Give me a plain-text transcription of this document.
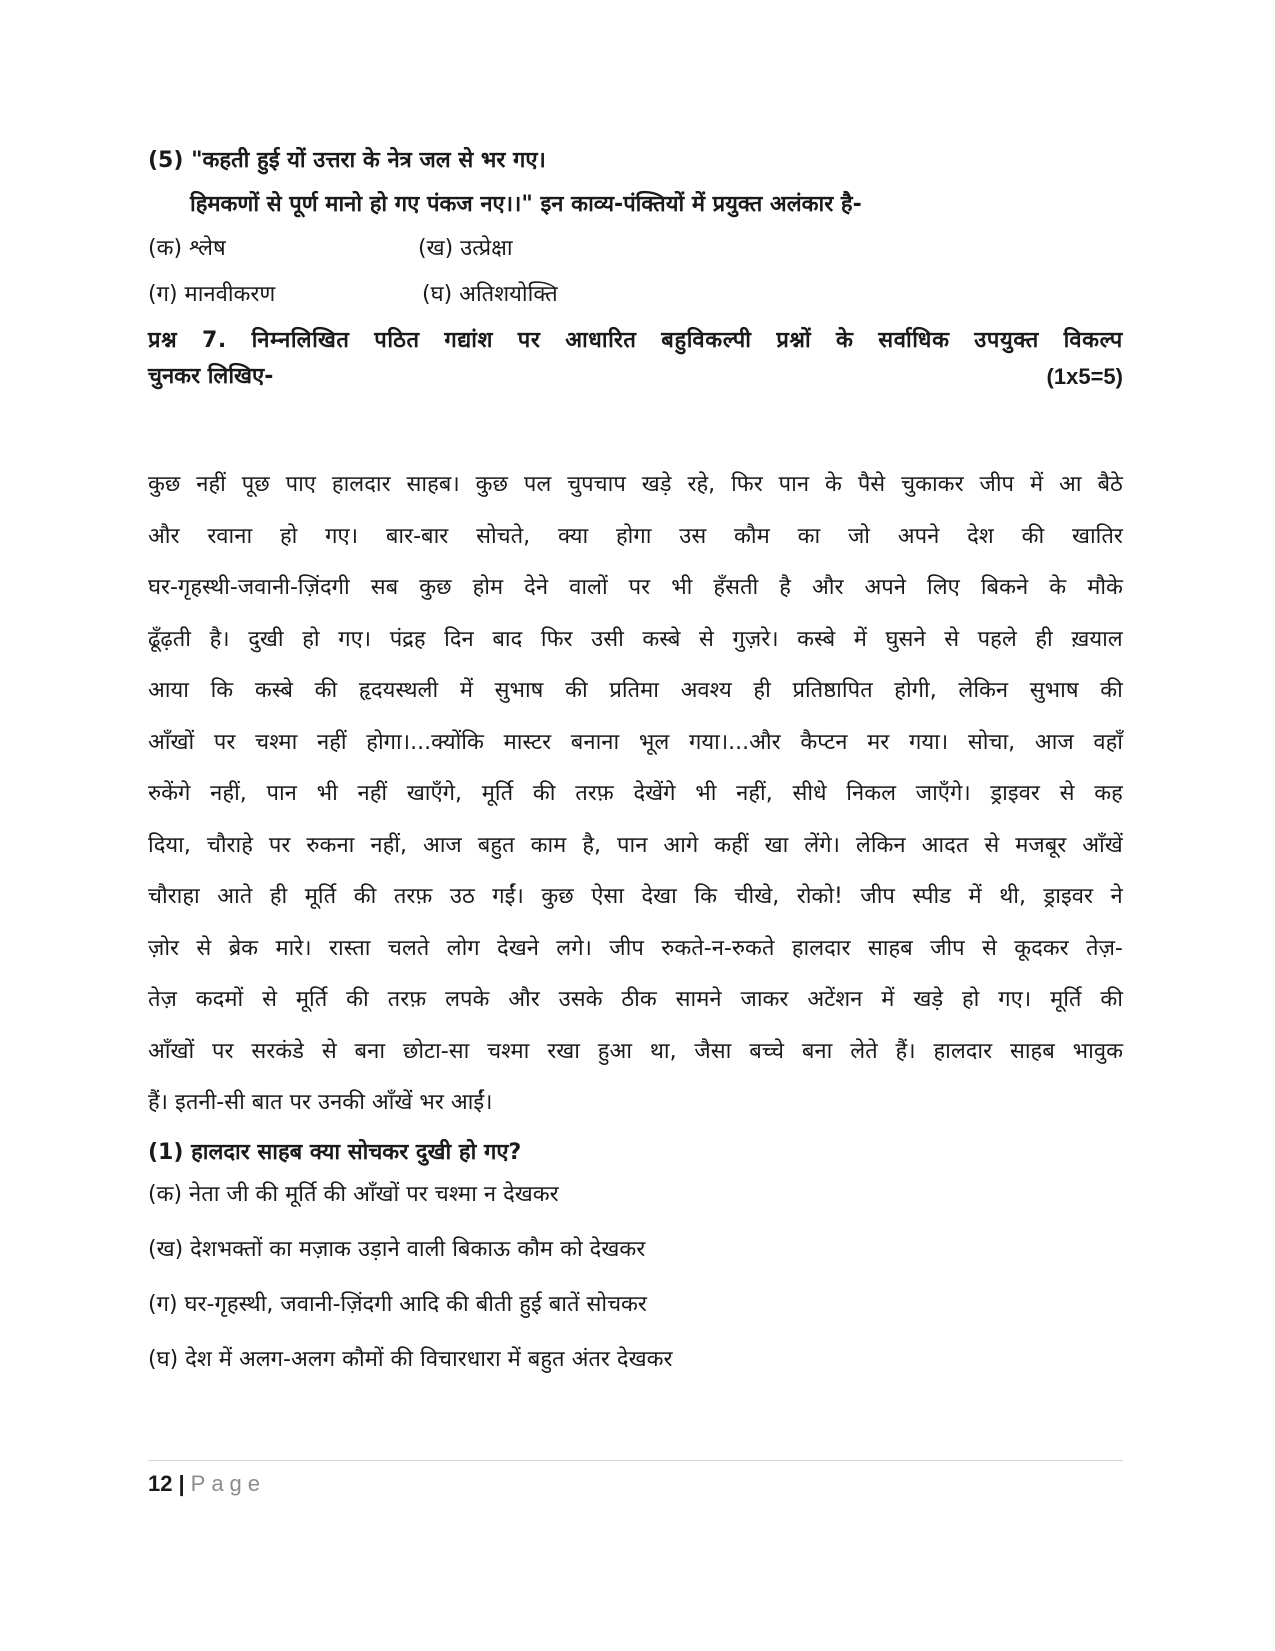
(5) "कहती हुई यों उत्तरा के नेत्र जल से भर गए।
हिमकणों से पूर्ण मानो हो गए पंकज नए।।" इन काव्य-पंक्तियों में प्रयुक्त अलंकार है-
(क) श्लेष	(ख) उत्प्रेक्षा
(ग) मानवीकरण	(घ) अतिशयोक्ति
प्रश्न 7. निम्नलिखित पठित गद्यांश पर आधारित बहुविकल्पी प्रश्नों के सर्वाधिक उपयुक्त विकल्प
चुनकर लिखिए-	(1x5=5)
कुछ नहीं पूछ पाए हालदार साहब। कुछ पल चुपचाप खड़े रहे, फिर पान के पैसे चुकाकर जीप में आ बैठे
और रवाना हो गए। बार-बार सोचते, क्या होगा उस कौम का जो अपने देश की खातिर
घर-गृहस्थी-जवानी-ज़िंदगी सब कुछ होम देने वालों पर भी हँसती है और अपने लिए बिकने के मौके
ढूँढ़ती है। दुखी हो गए। पंद्रह दिन बाद फिर उसी कस्बे से गुज़रे। कस्बे में घुसने से पहले ही ख़याल
आया कि कस्बे की हृदयस्थली में सुभाष की प्रतिमा अवश्य ही प्रतिष्ठापित होगी, लेकिन सुभाष की
आँखों पर चश्मा नहीं होगा।...क्योंकि मास्टर बनाना भूल गया।...और कैप्टन मर गया। सोचा, आज वहाँ
रुकेंगे नहीं, पान भी नहीं खाएँगे, मूर्ति की तरफ़ देखेंगे भी नहीं, सीधे निकल जाएँगे। ड्राइवर से कह
दिया, चौराहे पर रुकना नहीं, आज बहुत काम है, पान आगे कहीं खा लेंगे। लेकिन आदत से मजबूर आँखें
चौराहा आते ही मूर्ति की तरफ़ उठ गईं। कुछ ऐसा देखा कि चीखे, रोको! जीप स्पीड में थी, ड्राइवर ने
ज़ोर से ब्रेक मारे। रास्ता चलते लोग देखने लगे। जीप रुकते-न-रुकते हालदार साहब जीप से कूदकर तेज़-
तेज़ कदमों से मूर्ति की तरफ़ लपके और उसके ठीक सामने जाकर अटेंशन में खड़े हो गए। मूर्ति की
आँखों पर सरकंडे से बना छोटा-सा चश्मा रखा हुआ था, जैसा बच्चे बना लेते हैं। हालदार साहब भावुक
हैं। इतनी-सी बात पर उनकी आँखें भर आईं।
(1) हालदार साहब क्या सोचकर दुखी हो गए?
(क) नेता जी की मूर्ति की आँखों पर चश्मा न देखकर
(ख) देशभक्तों का मज़ाक उड़ाने वाली बिकाऊ कौम को देखकर
(ग) घर-गृहस्थी, जवानी-ज़िंदगी आदि की बीती हुई बातें सोचकर
(घ) देश में अलग-अलग कौमों की विचारधारा में बहुत अंतर देखकर
12 | Page
